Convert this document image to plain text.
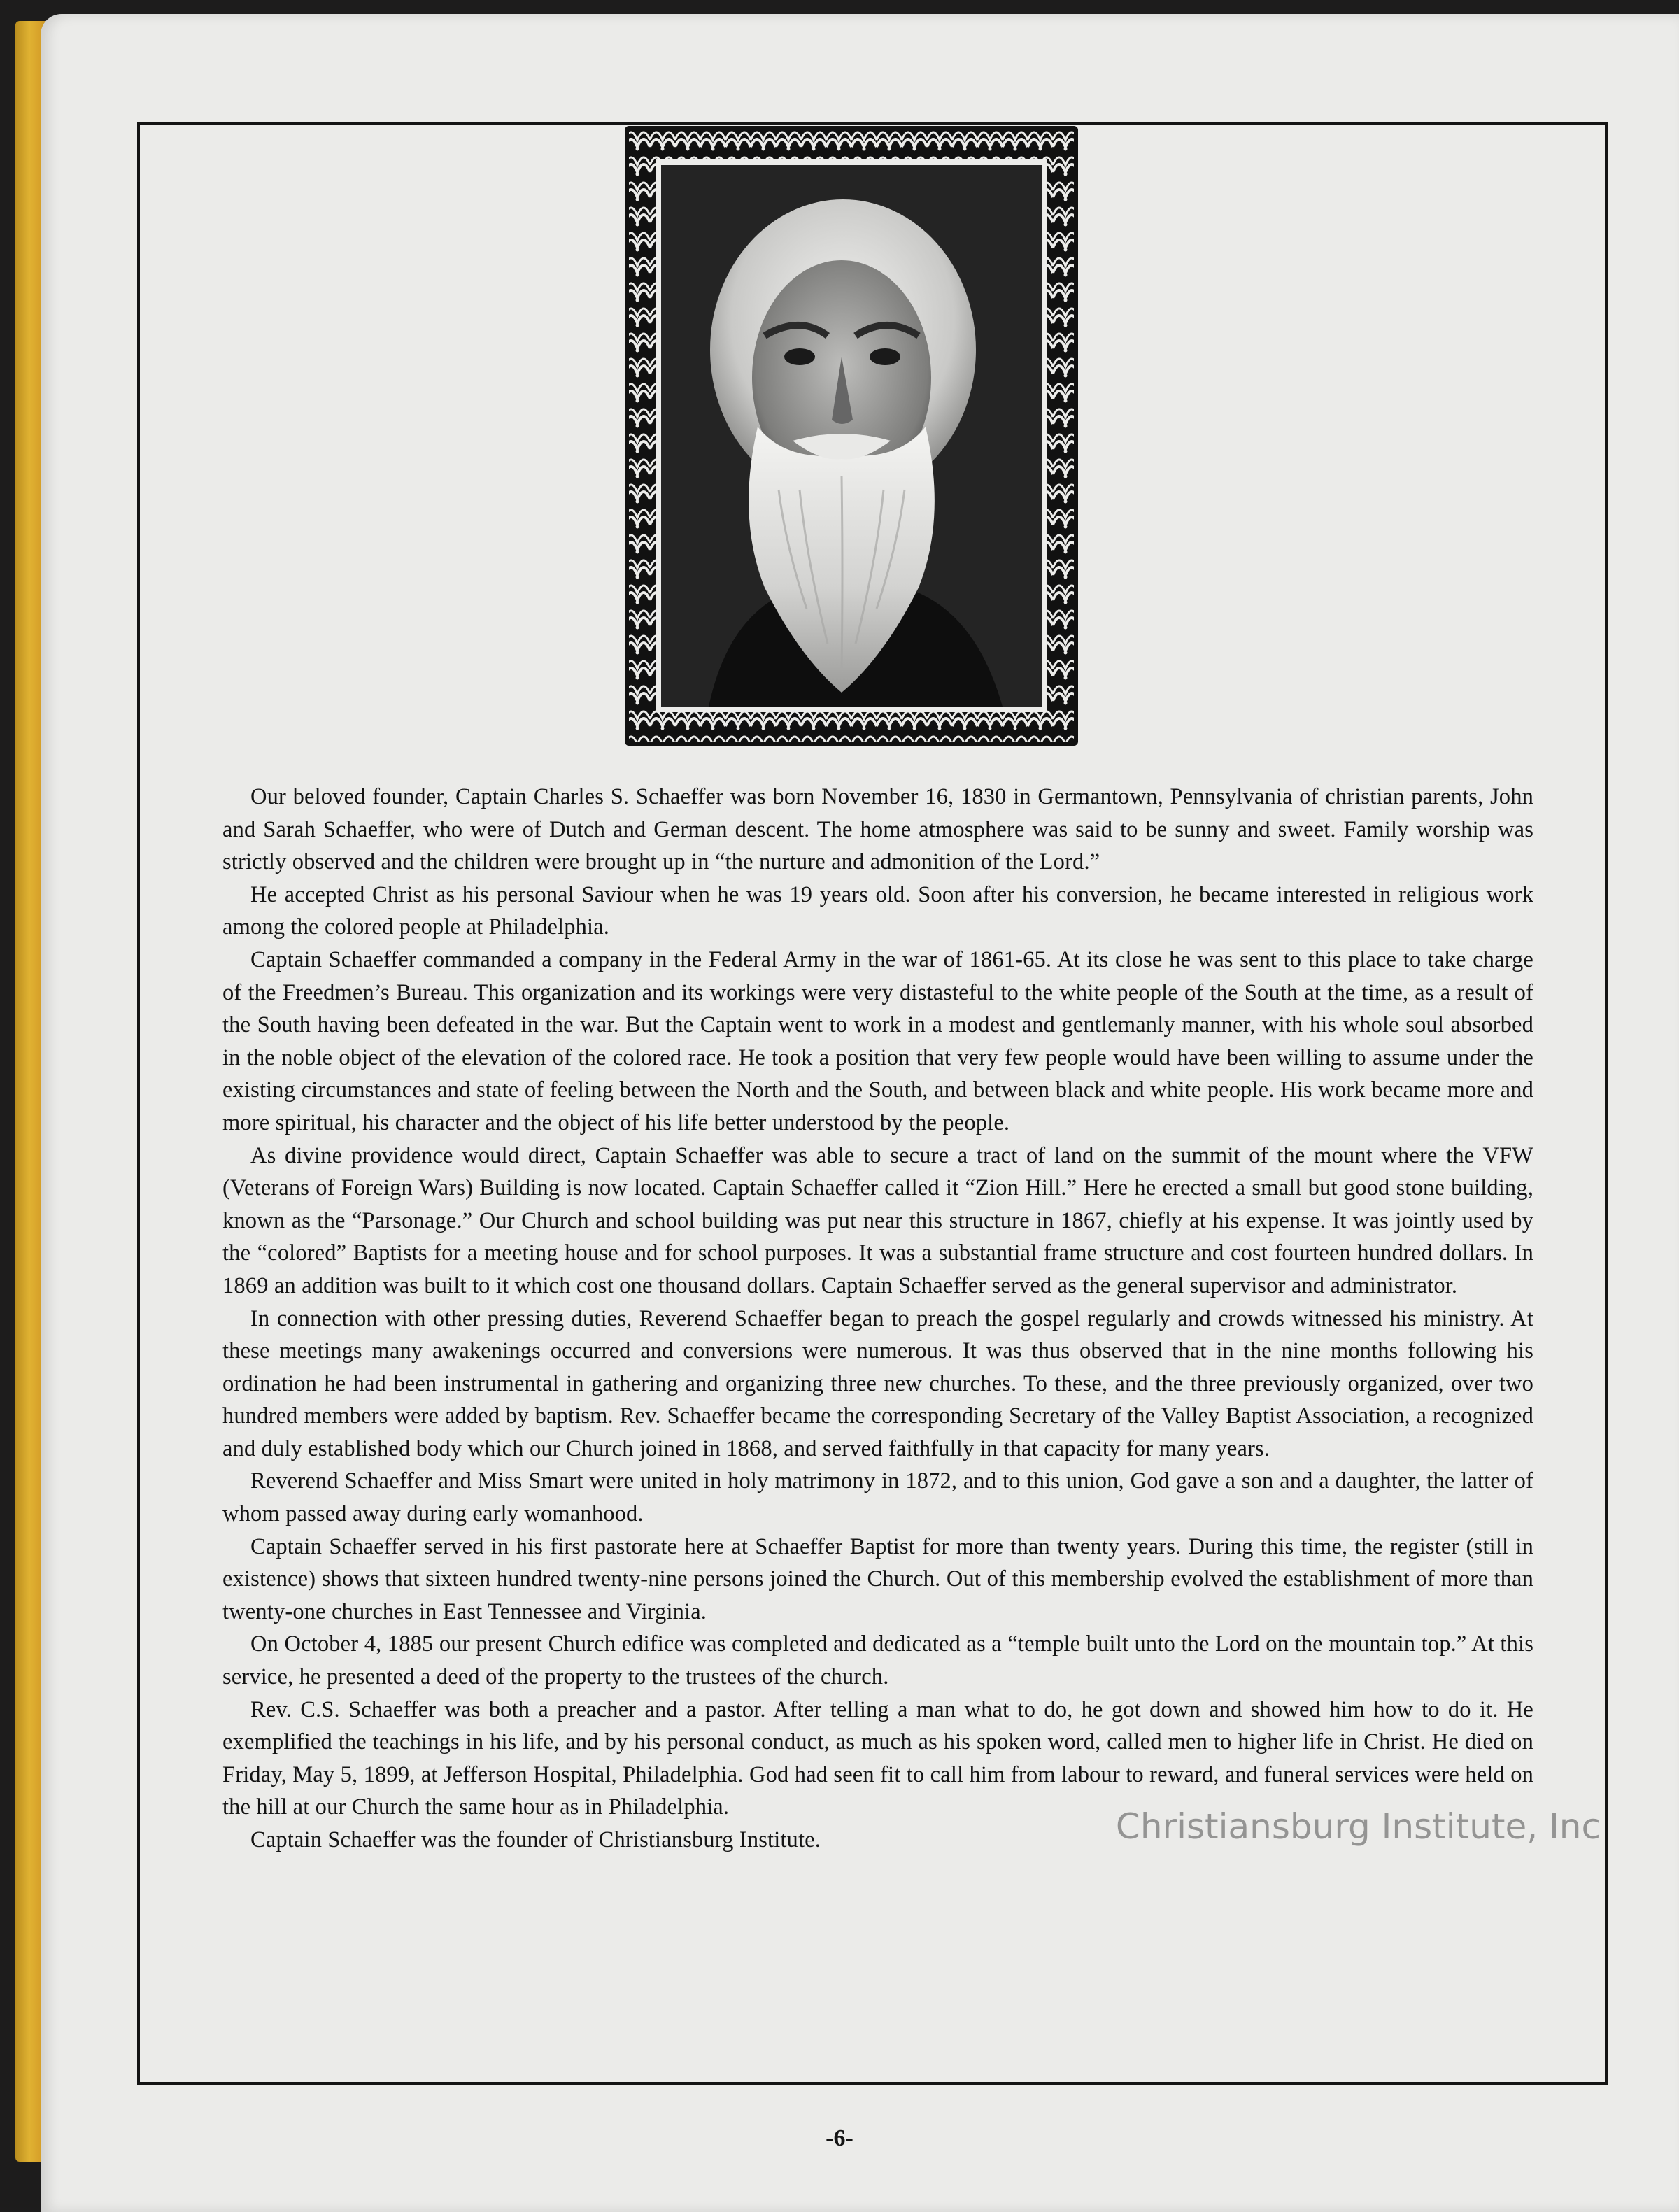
Our beloved founder, Captain Charles S. Schaeffer was born November 16, 1830 in Germantown, Pennsylvania of christian parents, John and Sarah Schaeffer, who were of Dutch and German descent. The home atmosphere was said to be sunny and sweet. Family worship was strictly observed and the children were brought up in “the nurture and admonition of the Lord.”

He accepted Christ as his personal Saviour when he was 19 years old. Soon after his conversion, he became interested in religious work among the colored people at Philadelphia.

Captain Schaeffer commanded a company in the Federal Army in the war of 1861-65. At its close he was sent to this place to take charge of the Freedmen’s Bureau. This organization and its workings were very distasteful to the white people of the South at the time, as a result of the South having been defeated in the war. But the Captain went to work in a modest and gentlemanly manner, with his whole soul absorbed in the noble object of the elevation of the colored race. He took a position that very few people would have been willing to assume under the existing circumstances and state of feeling between the North and the South, and between black and white people. His work became more and more spiritual, his character and the object of his life better understood by the people.

As divine providence would direct, Captain Schaeffer was able to secure a tract of land on the summit of the mount where the VFW (Veterans of Foreign Wars) Building is now located. Captain Schaeffer called it “Zion Hill.” Here he erected a small but good stone building, known as the “Parsonage.” Our Church and school building was put near this structure in 1867, chiefly at his expense. It was jointly used by the “colored” Baptists for a meeting house and for school purposes. It was a substantial frame structure and cost fourteen hundred dollars. In 1869 an addition was built to it which cost one thousand dollars. Captain Schaeffer served as the general supervisor and administrator.

In connection with other pressing duties, Reverend Schaeffer began to preach the gospel regularly and crowds witnessed his ministry. At these meetings many awakenings occurred and conversions were numerous. It was thus observed that in the nine months following his ordination he had been instrumental in gathering and organizing three new churches. To these, and the three previously organized, over two hundred members were added by baptism. Rev. Schaeffer became the corresponding Secretary of the Valley Baptist Association, a recognized and duly established body which our Church joined in 1868, and served faithfully in that capacity for many years.

Reverend Schaeffer and Miss Smart were united in holy matrimony in 1872, and to this union, God gave a son and a daughter, the latter of whom passed away during early womanhood.

Captain Schaeffer served in his first pastorate here at Schaeffer Baptist for more than twenty years. During this time, the register (still in existence) shows that sixteen hundred twenty-nine persons joined the Church. Out of this membership evolved the establishment of more than twenty-one churches in East Tennessee and Virginia.

On October 4, 1885 our present Church edifice was completed and dedicated as a “temple built unto the Lord on the mountain top.” At this service, he presented a deed of the property to the trustees of the church.

Rev. C.S. Schaeffer was both a preacher and a pastor. After telling a man what to do, he got down and showed him how to do it. He exemplified the teachings in his life, and by his personal conduct, as much as his spoken word, called men to higher life in Christ. He died on Friday, May 5, 1899, at Jefferson Hospital, Philadelphia. God had seen fit to call him from labour to reward, and funeral services were held on the hill at our Church the same hour as in Philadelphia.

Captain Schaeffer was the founder of Christiansburg Institute.

-6-
Christiansburg Institute, Inc
